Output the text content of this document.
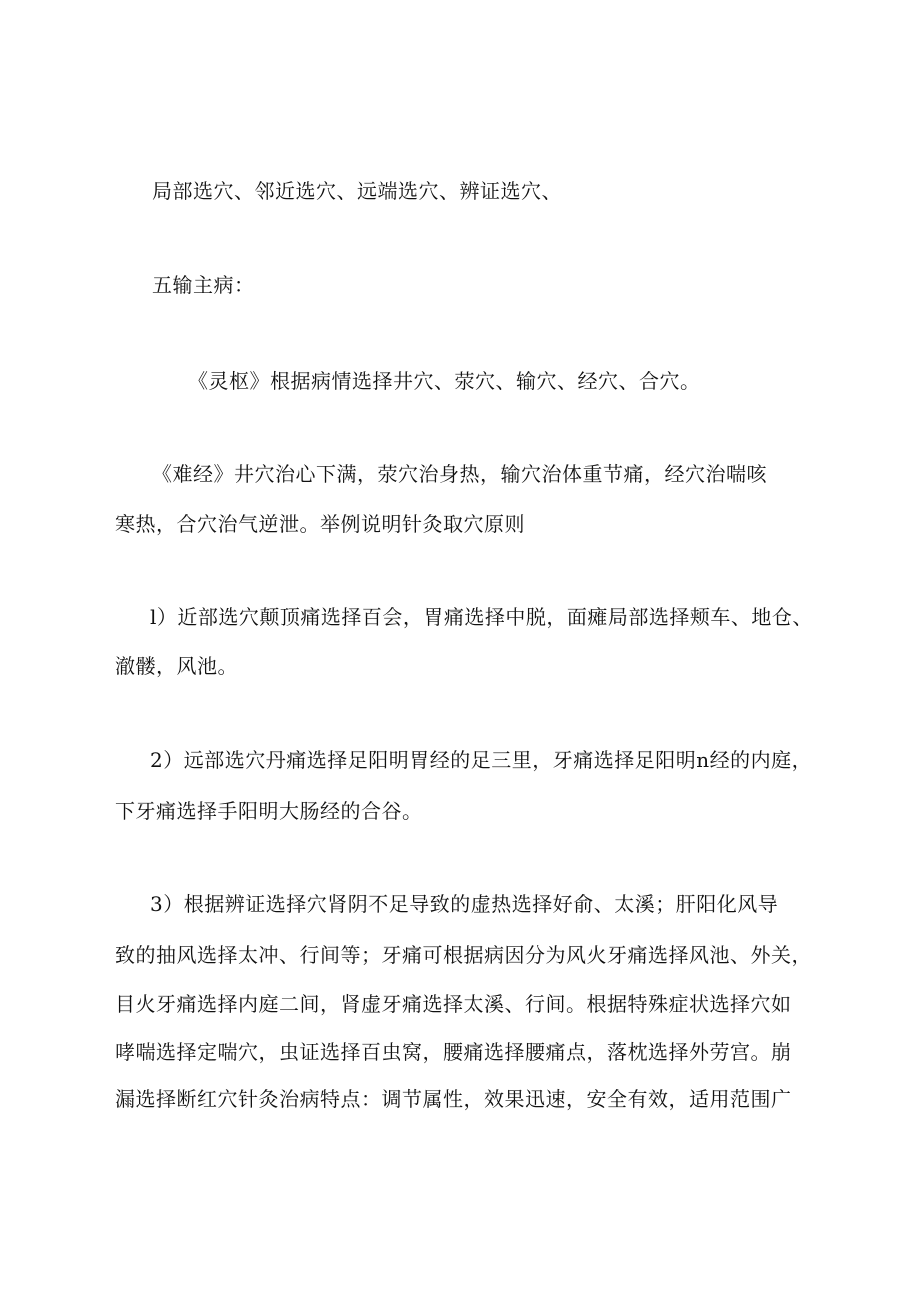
局部选穴、邻近选穴、远端选穴、辨证选穴、
五输主病：
《灵枢》根据病情选择井穴、荥穴、输穴、经穴、合穴。
《难经》井穴治心下满，荥穴治身热，输穴治体重节痛，经穴治喘咳
寒热，合穴治气逆泄。举例说明针灸取穴原则
l）近部选穴颠顶痛选择百会，胃痛选择中脱，面瘫局部选择颊车、地仓、
澈髅，风池。
2）远部选穴丹痛选择足阳明胃经的足三里，牙痛选择足阳明n经的内庭，
下牙痛选择手阳明大肠经的合谷。
3）根据辨证选择穴肾阴不足导致的虚热选择好俞、太溪；肝阳化风导
致的抽风选择太冲、行间等；牙痛可根据病因分为风火牙痛选择风池、外关，
目火牙痛选择内庭二间，肾虚牙痛选择太溪、行间。根据特殊症状选择穴如
哮喘选择定喘穴，虫证选择百虫窝，腰痛选择腰痛点，落枕选择外劳宫。崩
漏选择断红穴针灸治病特点：调节属性，效果迅速，安全有效，适用范围广
